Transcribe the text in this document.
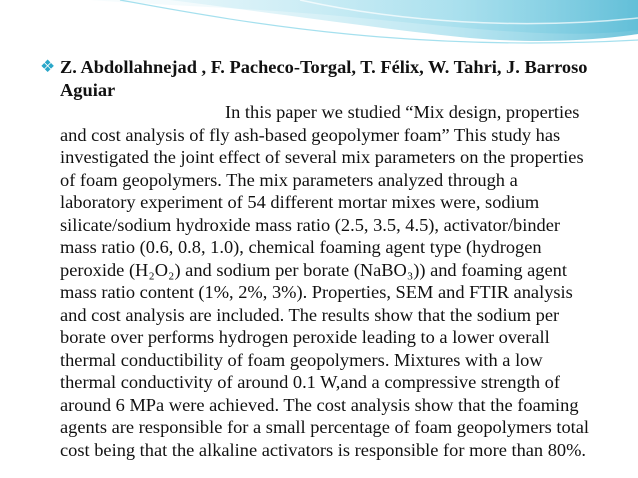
❖ Z. Abdollahnejad , F. Pacheco-Torgal, T. Félix, W. Tahri, J. Barroso
Aguiar

In this paper we studied “Mix design, properties
and cost analysis of fly ash-based geopolymer foam” This study has
investigated the joint effect of several mix parameters on the properties
of foam geopolymers. The mix parameters analyzed through a
laboratory experiment of 54 different mortar mixes were, sodium
silicate/sodium hydroxide mass ratio (2.5, 3.5, 4.5), activator/binder
mass ratio (0.6, 0.8, 1.0), chemical foaming agent type (hydrogen
peroxide (H₂O₂) and sodium per borate (NaBO₃)) and foaming agent
mass ratio content (1%, 2%, 3%). Properties, SEM and FTIR analysis
and cost analysis are included. The results show that the sodium per
borate over performs hydrogen peroxide leading to a lower overall
thermal conductibility of foam geopolymers. Mixtures with a low
thermal conductivity of around 0.1 W,and a compressive strength of
around 6 MPa were achieved. The cost analysis show that the foaming
agents are responsible for a small percentage of foam geopolymers total
cost being that the alkaline activators is responsible for more than 80%.
